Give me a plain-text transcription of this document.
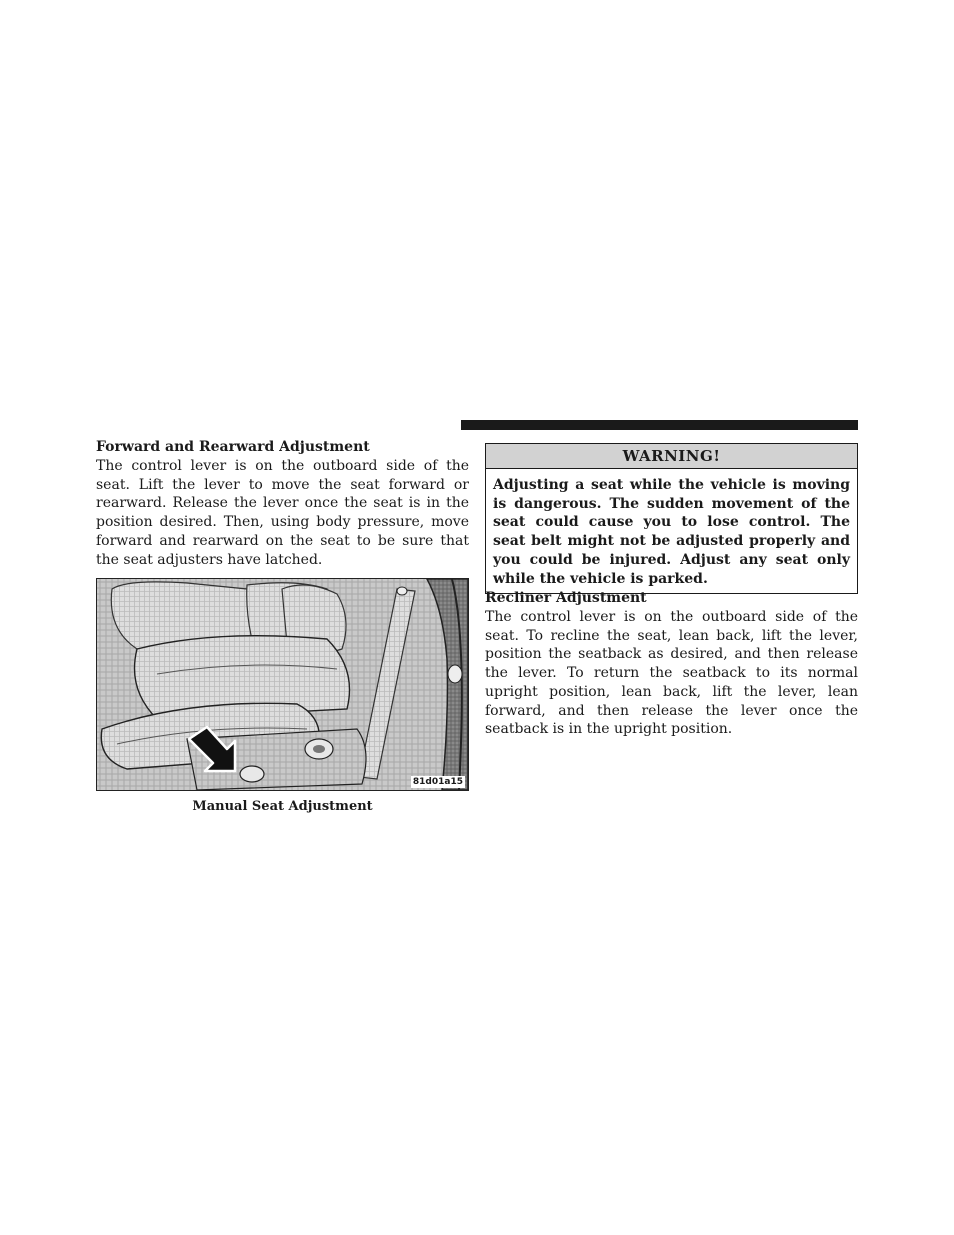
Forward and Rearward Adjustment

The control lever is on the outboard side of the seat. Lift the lever to move the seat forward or rearward. Release the lever once the seat is in the position desired. Then, using body pressure, move forward and rearward on the seat to be sure that the seat adjusters have latched.

81d01a15
Manual Seat Adjustment
WARNING!
Adjusting a seat while the vehicle is moving is dangerous. The sudden movement of the seat could cause you to lose control. The seat belt might not be adjusted properly and you could be injured. Adjust any seat only while the vehicle is parked.

Recliner Adjustment

The control lever is on the outboard side of the seat. To recline the seat, lean back, lift the lever, position the seatback as desired, and then release the lever. To return the seatback to its normal upright position, lean back, lift the lever, lean forward, and then release the lever once the seatback is in the upright position.
